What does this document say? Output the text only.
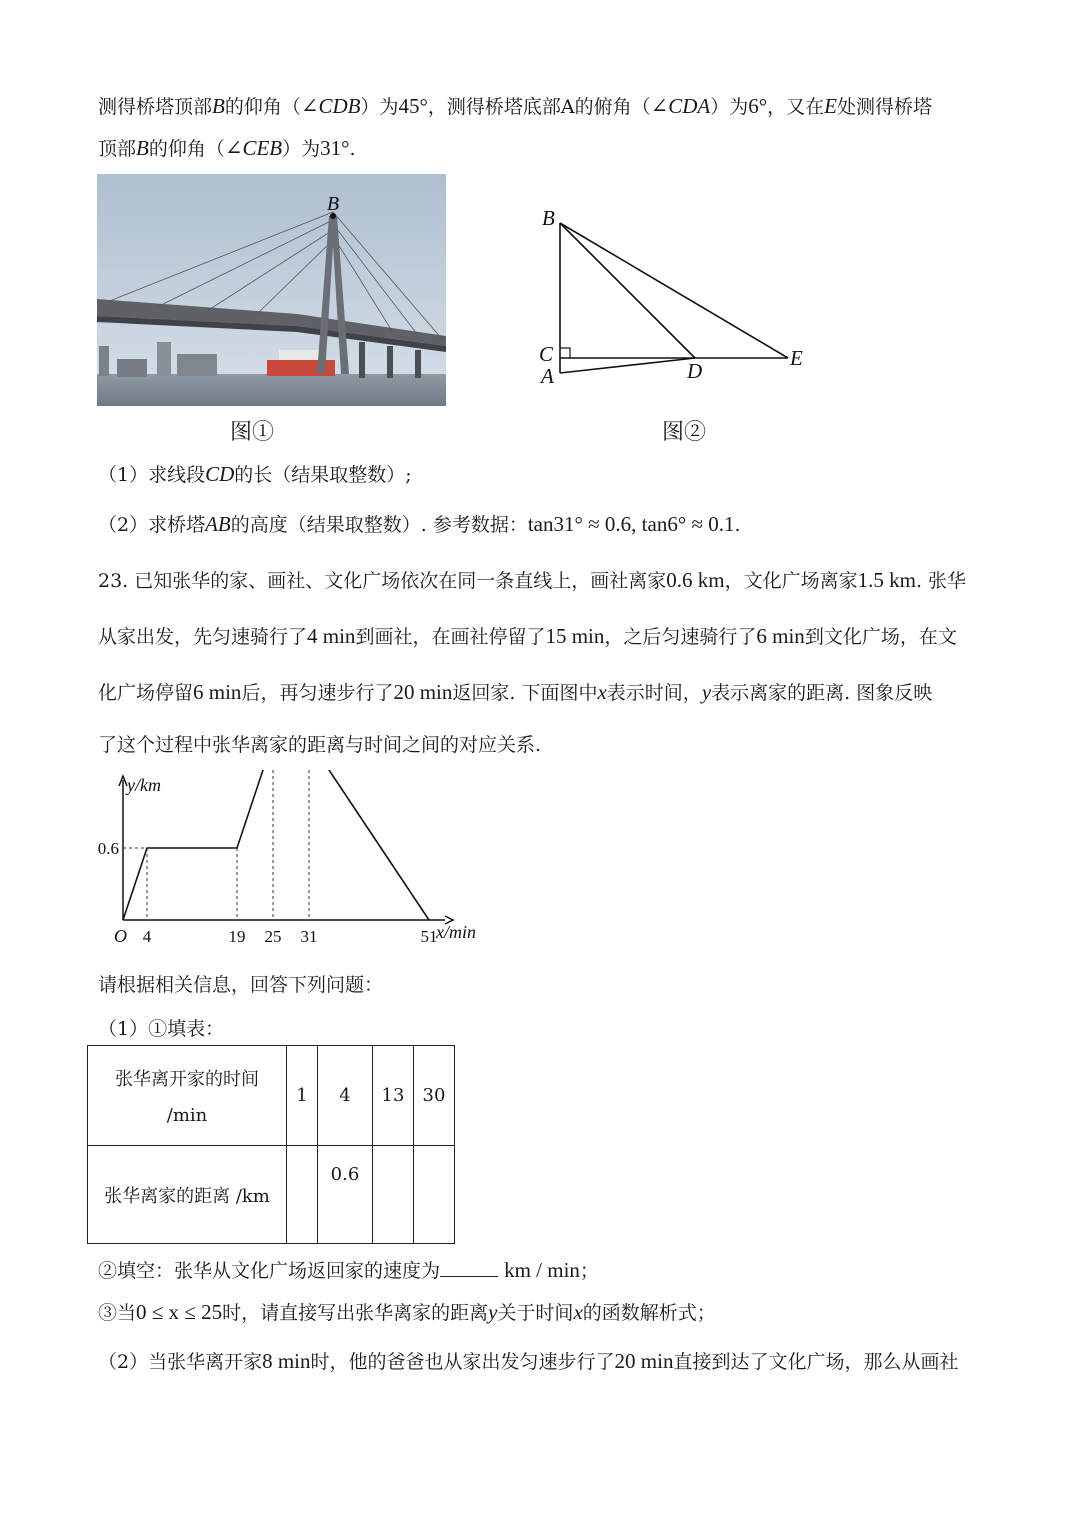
测得桥塔顶部B的仰角（∠CDB）为45°，测得桥塔底部A的俯角（∠CDA）为6°，又在E处测得桥塔
顶部B的仰角（∠CEB）为31°.
B
图①
B
C
A	D
E
图②
（1）求线段CD的长（结果取整数）;
（2）求桥塔AB的高度（结果取整数）. 参考数据：tan31° ≈ 0.6, tan6° ≈ 0.1.
23. 已知张华的家、画社、文化广场依次在同一条直线上，画社离家0.6 km，文化广场离家1.5 km. 张华
从家出发，先匀速骑行了4 min到画社，在画社停留了15 min，之后匀速骑行了6 min到文化广场，在文
化广场停留6 min后，再匀速步行了20 min返回家. 下面图中x表示时间，y表示离家的距离. 图象反映
了这个过程中张华离家的距离与时间之间的对应关系.
0.6
4	19 25 31	51
y/km
x/min
O
请根据相关信息，回答下列问题：
（1）①填表：
张华离开家的时间
/min	1	4	13	30
张华离家的距离 /km		0.6		
②填空：张华从文化广场返回家的速度为	km / min；
③当0 ≤ x ≤ 25时，请直接写出张华离家的距离y关于时间x的函数解析式；
（2）当张华离开家8 min时，他的爸爸也从家出发匀速步行了20 min直接到达了文化广场，那么从画社
